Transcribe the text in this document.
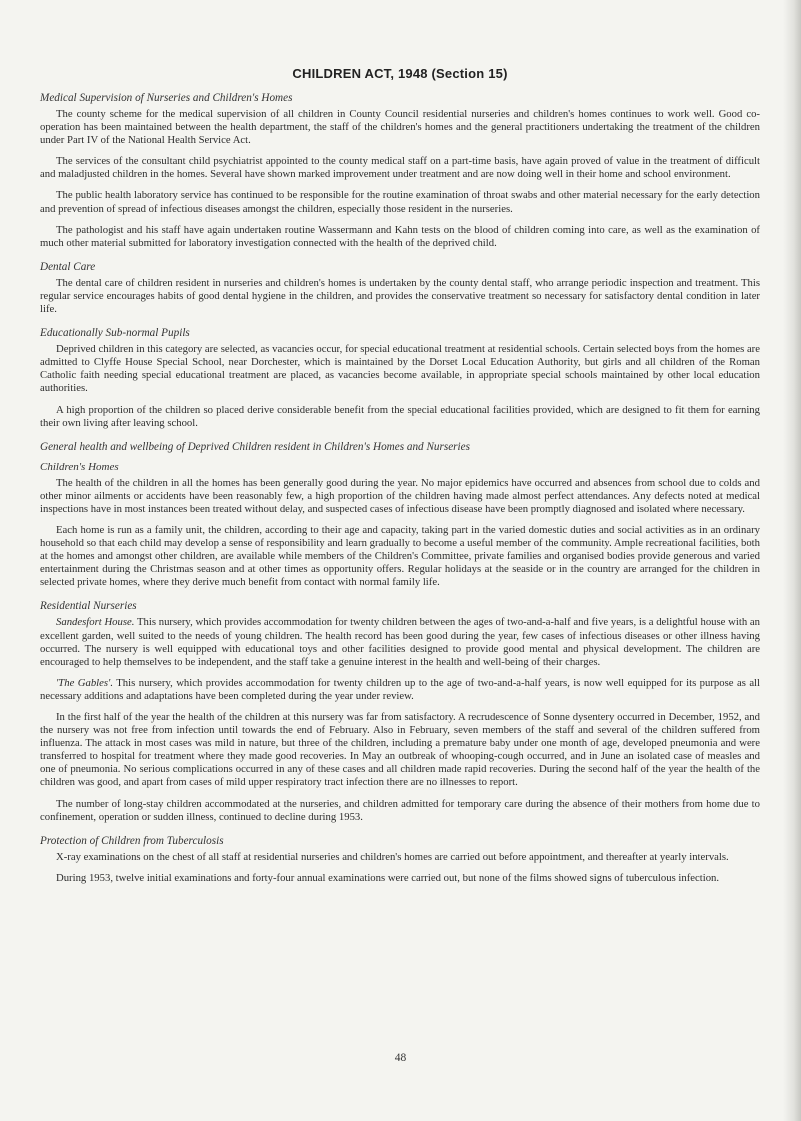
CHILDREN ACT, 1948 (Section 15)
Medical Supervision of Nurseries and Children's Homes

The county scheme for the medical supervision of all children in County Council residential nurseries and children's homes continues to work well. Good co-operation has been maintained between the health department, the staff of the children's homes and the general practitioners undertaking the treatment of the children under Part IV of the National Health Service Act.

The services of the consultant child psychiatrist appointed to the county medical staff on a part-time basis, have again proved of value in the treatment of difficult and maladjusted children in the homes. Several have shown marked improvement under treatment and are now doing well in their home and school environment.

The public health laboratory service has continued to be responsible for the routine examination of throat swabs and other material necessary for the early detection and prevention of spread of infectious diseases amongst the children, especially those resident in the nurseries.

The pathologist and his staff have again undertaken routine Wassermann and Kahn tests on the blood of children coming into care, as well as the examination of much other material submitted for laboratory investigation connected with the health of the deprived child.

Dental Care

The dental care of children resident in nurseries and children's homes is undertaken by the county dental staff, who arrange periodic inspection and treatment. This regular service encourages habits of good dental hygiene in the children, and provides the conservative treatment so necessary for satisfactory dental condition in later life.

Educationally Sub-normal Pupils

Deprived children in this category are selected, as vacancies occur, for special educational treatment at residential schools. Certain selected boys from the homes are admitted to Clyffe House Special School, near Dorchester, which is maintained by the Dorset Local Education Authority, but girls and all children of the Roman Catholic faith needing special educational treatment are placed, as vacancies become available, in appropriate special schools maintained by other local education authorities.

A high proportion of the children so placed derive considerable benefit from the special educational facilities provided, which are designed to fit them for earning their own living after leaving school.

General health and wellbeing of Deprived Children resident in Children's Homes and Nurseries
Children's Homes

The health of the children in all the homes has been generally good during the year. No major epidemics have occurred and absences from school due to colds and other minor ailments or accidents have been reasonably few, a high proportion of the children having made almost perfect attendances. Any defects noted at medical inspections have in most instances been treated without delay, and suspected cases of infectious disease have been promptly diagnosed and isolated where necessary.

Each home is run as a family unit, the children, according to their age and capacity, taking part in the varied domestic duties and social activities as in an ordinary household so that each child may develop a sense of responsibility and learn gradually to become a useful member of the community. Ample recreational facilities, both at the homes and amongst other children, are available while members of the Children's Committee, private families and organised bodies provide generous and varied entertainment during the Christmas season and at other times as opportunity offers. Regular holidays at the seaside or in the country are arranged for the children in selected private homes, where they derive much benefit from contact with normal family life.

Residential Nurseries

Sandesfort House. This nursery, which provides accommodation for twenty children between the ages of two-and-a-half and five years, is a delightful house with an excellent garden, well suited to the needs of young children. The health record has been good during the year, few cases of infectious diseases or other illness having occurred. The nursery is well equipped with educational toys and other facilities designed to provide good mental and physical development. The children are encouraged to help themselves to be independent, and the staff take a genuine interest in the health and well-being of their charges.

'The Gables'. This nursery, which provides accommodation for twenty children up to the age of two-and-a-half years, is now well equipped for its purpose as all necessary additions and adaptations have been completed during the year under review.

In the first half of the year the health of the children at this nursery was far from satisfactory. A recrudescence of Sonne dysentery occurred in December, 1952, and the nursery was not free from infection until towards the end of February. Also in February, seven members of the staff and several of the children suffered from influenza. The attack in most cases was mild in nature, but three of the children, including a premature baby under one month of age, developed pneumonia and were transferred to hospital for treatment where they made good recoveries. In May an outbreak of whooping-cough occurred, and in June an isolated case of measles and one of pneumonia. No serious complications occurred in any of these cases and all children made rapid recoveries. During the second half of the year the health of the children was good, and apart from cases of mild upper respiratory tract infection there are no illnesses to report.

The number of long-stay children accommodated at the nurseries, and children admitted for temporary care during the absence of their mothers from home due to confinement, operation or sudden illness, continued to decline during 1953.

Protection of Children from Tuberculosis

X-ray examinations on the chest of all staff at residential nurseries and children's homes are carried out before appointment, and thereafter at yearly intervals.

During 1953, twelve initial examinations and forty-four annual examinations were carried out, but none of the films showed signs of tuberculous infection.

48
